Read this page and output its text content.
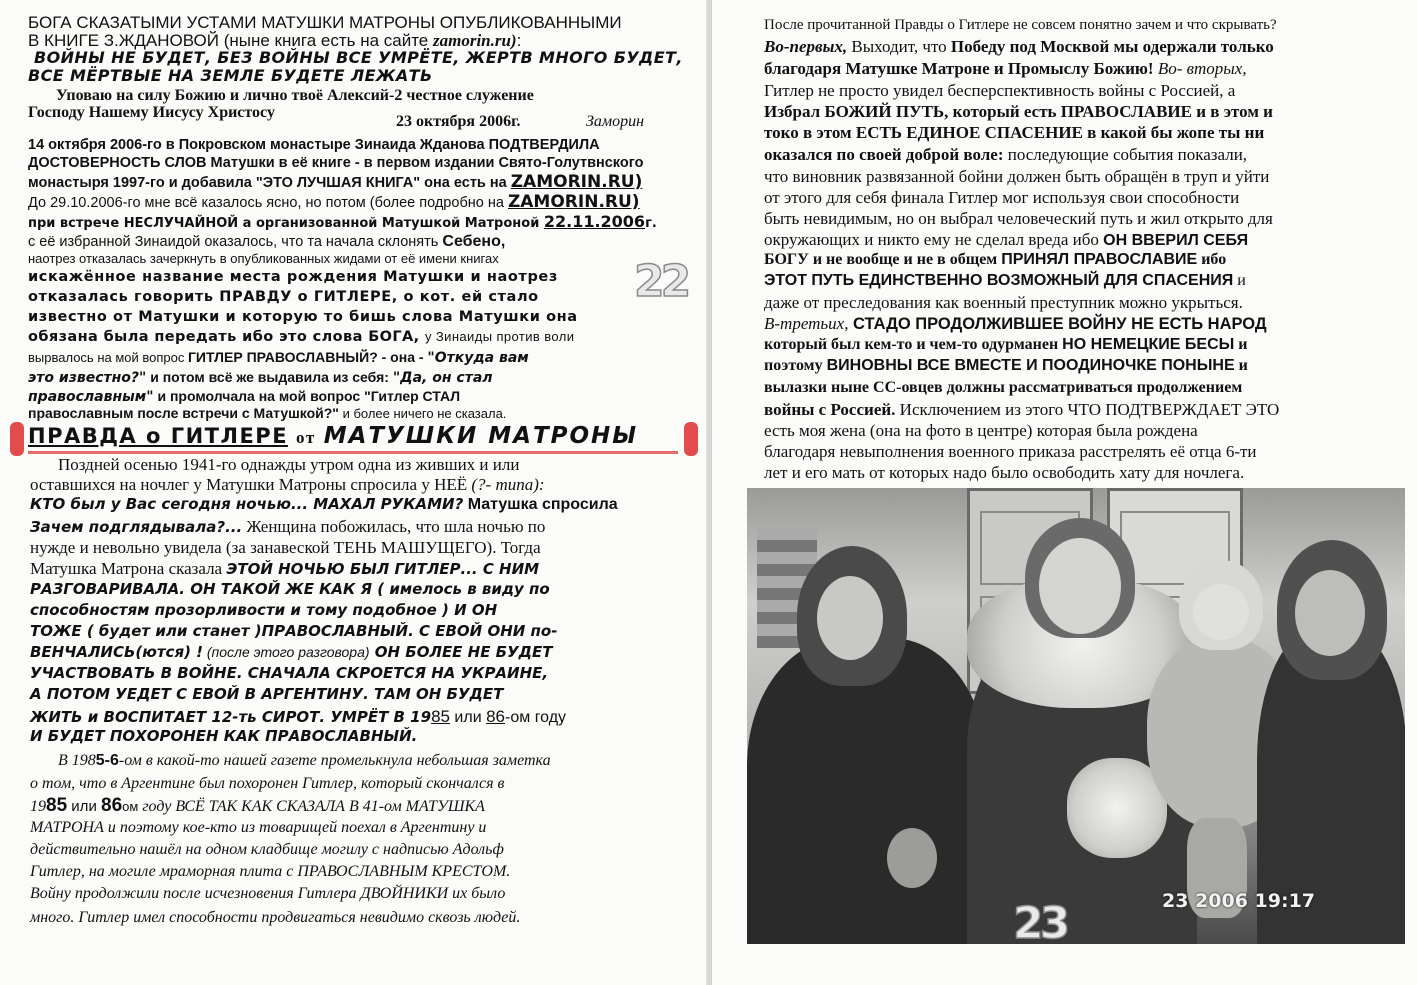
БОГА СКАЗАТЫМИ УСТАМИ МАТУШКИ МАТРОНЫ ОПУБЛИКОВАННЫМИ
В КНИГЕ З.ЖДАНОВОЙ (ныне книга есть на сайте zamorin.ru):
ВОЙНЫ НЕ БУДЕТ, БЕЗ ВОЙНЫ ВСЕ УМРЁТЕ, ЖЕРТВ МНОГО БУДЕТ,
ВСЕ МЁРТВЫЕ НА ЗЕМЛЕ БУДЕТЕ ЛЕЖАТЬ
Уповаю на силу Божию и лично твоё Алексий-2 честное служение
Господу Нашему Иисусу Христосу
23 октября 2006г.	Заморин
14 октября 2006-го в Покровском монастыре Зинаида Жданова ПОДТВЕРДИЛА
ДОСТОВЕРНОСТЬ СЛОВ Матушки в её книге - в первом издании Свято-Голутвнского
монастыря 1997-го и добавила "ЭТО ЛУЧШАЯ КНИГА" она есть на ZAMORIN.RU)
До 29.10.2006-го мне всё казалось ясно, но потом (более подробно на ZAMORIN.RU)
при встрече НЕСЛУЧАЙНОЙ а организованной Матушкой Матроной 22.11.2006г.
с её избранной Зинаидой оказалось, что та начала склонять Себено,
наотрез отказалась зачеркнуть в опубликованных жидами от её имени книгах
искажённое название места рождения Матушки и наотрез
отказалась говорить ПРАВДУ о ГИТЛЕРЕ, о кот. ей стало
известно от Матушки и которую то бишь слова Матушки она
обязана была передать ибо это слова БОГА, у Зинаиды против воли
вырвалось на мой вопрос ГИТЛЕР ПРАВОСЛАВНЫЙ? - она - "Откуда вам
это известно?" и потом всё же выдавила из себя: "Да, он стал
православным" и промолчала на мой вопрос "Гитлер СТАЛ
православным после встречи с Матушкой?" и более ничего не сказала.
22
ПРАВДА о ГИТЛЕРЕ от МАТУШКИ МАТРОНЫ
Поздней осенью 1941-го однажды утром одна из живших и или
оставшихся на ночлег у Матушки Матроны спросила у НЕЁ (?- типа):
КТО был у Вас сегодня ночью... МАХАЛ РУКАМИ? Матушка спросила
Зачем подглядывала?... Женщина побожилась, что шла ночью по
нужде и невольно увидела (за занавеской ТЕНЬ МАШУЩЕГО). Тогда
Матушка Матрона сказала ЭТОЙ НОЧЬЮ БЫЛ ГИТЛЕР... С НИМ
РАЗГОВАРИВАЛА. ОН ТАКОЙ ЖЕ КАК Я ( имелось в виду по
способностям прозорливости и тому подобное ) И ОН
ТОЖЕ ( будет или станет )ПРАВОСЛАВНЫЙ. С ЕВОЙ ОНИ по-
ВЕНЧАЛИСЬ(ются) ! (после этого разговора) ОН БОЛЕЕ НЕ БУДЕТ
УЧАСТВОВАТЬ В ВОЙНЕ. СНАЧАЛА СКРОЕТСЯ НА УКРАИНЕ,
А ПОТОМ УЕДЕТ С ЕВОЙ В АРГЕНТИНУ. ТАМ ОН БУДЕТ
ЖИТЬ и ВОСПИТАЕТ 12-ть СИРОТ. УМРЁТ В 1985 или 86-ом году
И БУДЕТ ПОХОРОНЕН КАК ПРАВОСЛАВНЫЙ.
В 1985-6-ом в какой-то нашей газете промелькнула небольшая заметка
о том, что в Аргентине был похоронен Гитлер, который скончался в
1985 или 86ом году ВСЁ ТАК КАК СКАЗАЛА В 41-ом МАТУШКА
МАТРОНА и поэтому кое-кто из товарищей поехал в Аргентину и
действительно нашёл на одном кладбище могилу с надписью Адольф
Гитлер, на могиле мраморная плита с ПРАВОСЛАВНЫМ КРЕСТОМ.
Войну продолжили после исчезновения Гитлера ДВОЙНИКИ их было
много. Гитлер имел способности продвигаться невидимо сквозь людей.
После прочитанной Правды о Гитлере не совсем понятно зачем и что скрывать?
Во-первых, Выходит, что Победу под Москвой мы одержали только
благодаря Матушке Матроне и Промыслу Божию! Во- вторых,
Гитлер не просто увидел бесперспективность войны с Россией, а
Избрал БОЖИЙ ПУТЬ, который есть ПРАВОСЛАВИЕ и в этом и
токо в этом ЕСТЬ ЕДИНОЕ СПАСЕНИЕ в какой бы жопе ты ни
оказался по своей доброй воле: последующие события показали,
что виновник развязанной бойни должен быть обращён в труп и уйти
от этого для себя финала Гитлер мог используя свои способности
быть невидимым, но он выбрал человеческий путь и жил открыто для
окружающих и никто ему не сделал вреда ибо ОН ВВЕРИЛ СЕБЯ
БОГУ и не вообще и не в общем ПРИНЯЛ ПРАВОСЛАВИЕ ибо
ЭТОТ ПУТЬ ЕДИНСТВЕННО ВОЗМОЖНЫЙ ДЛЯ СПАСЕНИЯ и
даже от преследования как военный преступник можно укрыться.
В-третьих, СТАДО ПРОДОЛЖИВШЕЕ ВОЙНУ НЕ ЕСТЬ НАРОД
который был кем-то и чем-то одурманен НО НЕМЕЦКИЕ БЕСЫ и
поэтому ВИНОВНЫ ВСЕ ВМЕСТЕ И ПООДИНОЧКЕ ПОНЫНЕ и
вылазки ныне СС-овцев должны рассматриваться продолжением
войны с Россией. Исключением из этого ЧТО ПОДТВЕРЖДАЕТ ЭТО
есть моя жена (она на фото в центре) которая была рождена
благодаря невыполнения военного приказа расстрелять её отца 6-ти
лет и его мать от которых надо было освободить хату для ночлега.
23 2006 19:17
23
